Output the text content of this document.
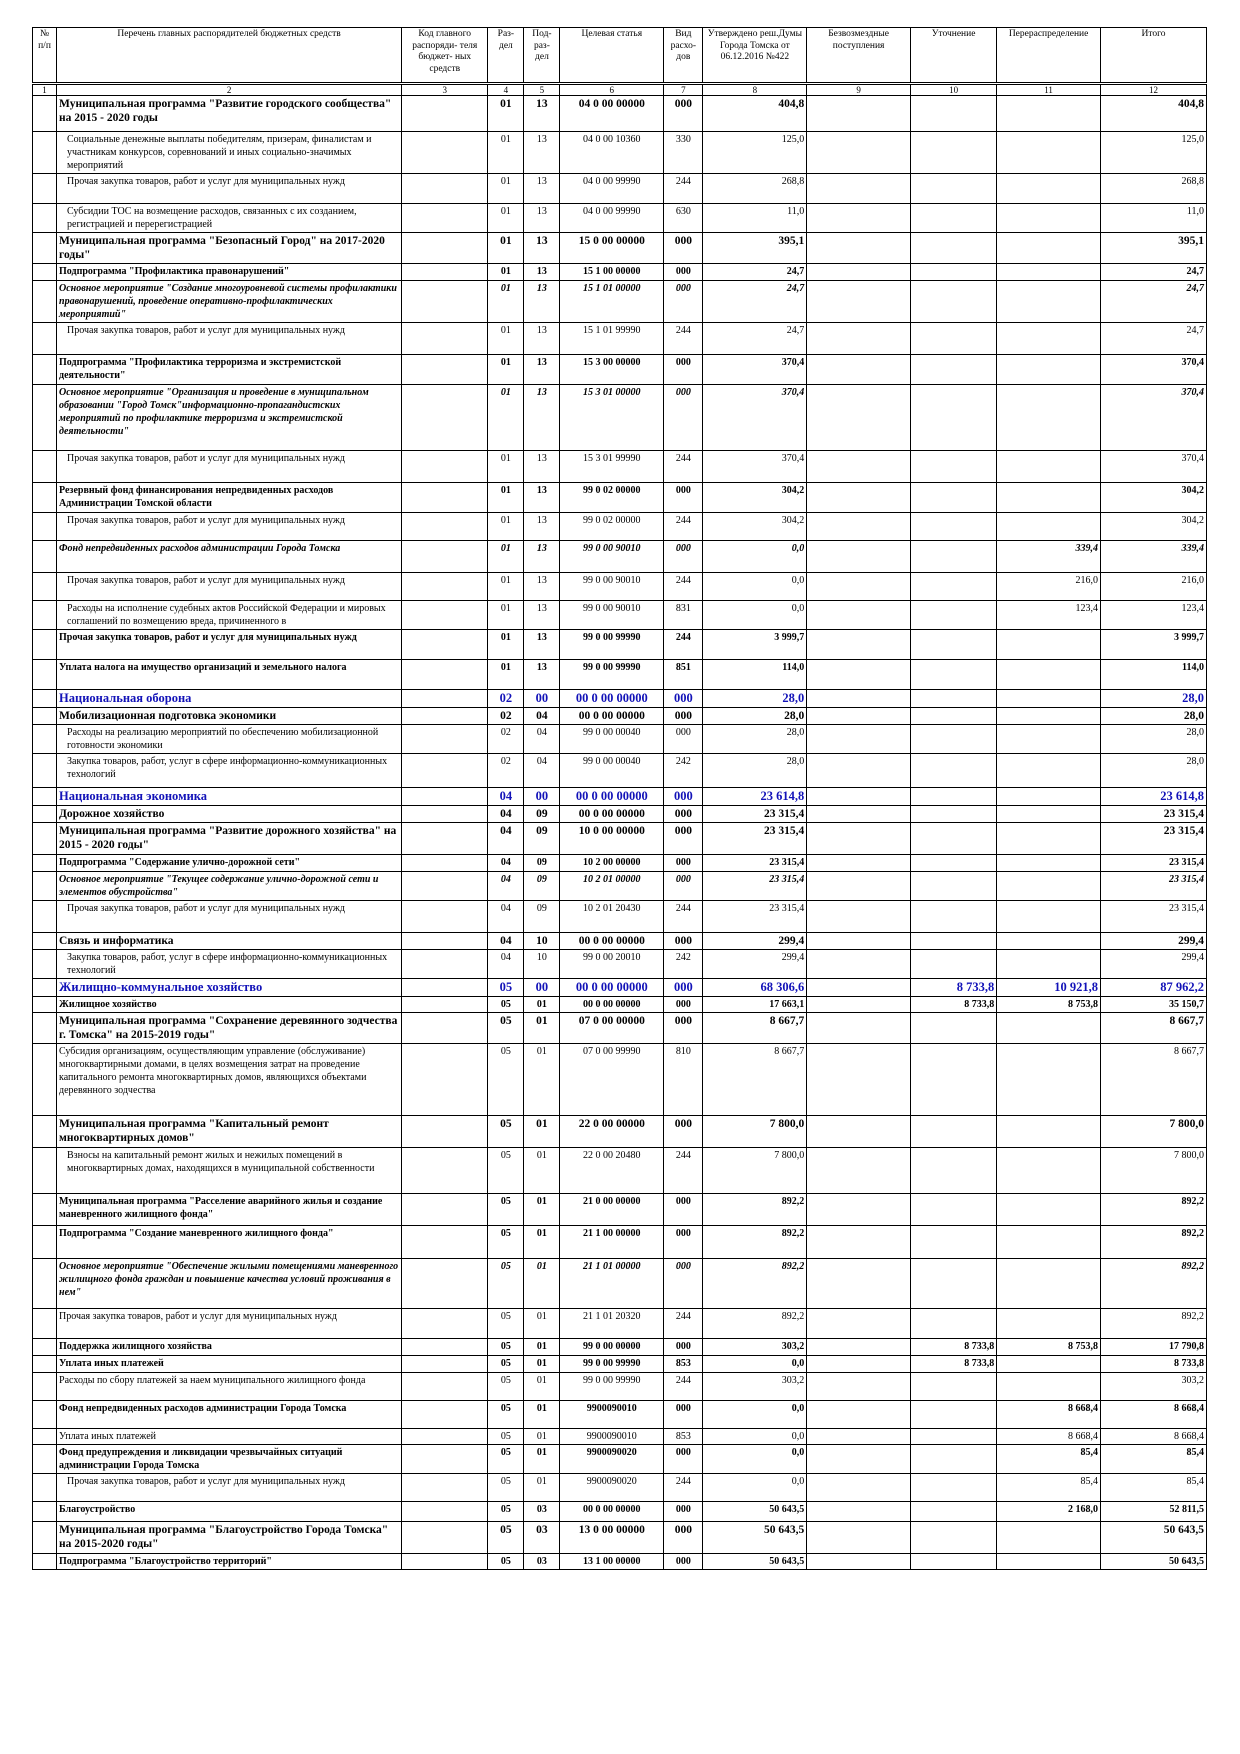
№ п/п	Перечень главных распорядителей бюджетных средств	Код главного распоряди- теля бюджет- ных средств	Раз- дел	Под- раз- дел	Целевая статья	Вид расхо- дов	Утверждено реш.Думы Города Томска от 06.12.2016 №422	Безвозмездные поступления	Уточнение	Перераспределение	Итого
1	2	3	4	5	6	7	8	9	10	11	12
	Муниципальная программа "Развитие городского сообщества" на 2015 - 2020 годы		01	13	04 0 00 00000	000	404,8				404,8
	Социальные денежные выплаты победителям, призерам, финалистам и участникам конкурсов, соревнований и иных социально-значимых мероприятий		01	13	04 0 00 10360	330	125,0				125,0
	Прочая закупка товаров, работ и услуг для муниципальных нужд		01	13	04 0 00 99990	244	268,8				268,8
	Субсидии ТОС на возмещение расходов, связанных с их созданием, регистрацией и перерегистрацией		01	13	04 0 00 99990	630	11,0				11,0
	Муниципальная программа "Безопасный Город" на 2017-2020 годы"		01	13	15 0 00 00000	000	395,1				395,1
	Подпрограмма "Профилактика правонарушений"		01	13	15 1 00 00000	000	24,7				24,7
	Основное мероприятие "Создание многоуровневой системы профилактики правонарушений, проведение оперативно-профилактических мероприятий"		01	13	15 1 01 00000	000	24,7				24,7
	Прочая закупка товаров, работ и услуг для муниципальных нужд		01	13	15 1 01 99990	244	24,7				24,7
	Подпрограмма "Профилактика терроризма и экстремистской деятельности"		01	13	15 3 00 00000	000	370,4				370,4
	Основное мероприятие "Организация и проведение в муниципальном образовании "Город Томск"информационно-пропагандистских мероприятий по профилактике терроризма и экстремистской деятельности"		01	13	15 3 01 00000	000	370,4				370,4
	Прочая закупка товаров, работ и услуг для муниципальных нужд		01	13	15 3 01 99990	244	370,4				370,4
	Резервный фонд финансирования непредвиденных расходов Администрации Томской области		01	13	99 0 02 00000	000	304,2				304,2
	Прочая закупка товаров, работ и услуг для муниципальных нужд		01	13	99 0 02 00000	244	304,2				304,2
	Фонд непредвиденных расходов администрации Города Томска		01	13	99 0 00 90010	000	0,0			339,4	339,4
	Прочая закупка товаров, работ и услуг для муниципальных нужд		01	13	99 0 00 90010	244	0,0			216,0	216,0
	Расходы на исполнение судебных актов Российской Федерации и мировых соглашений по возмещению вреда, причиненного в		01	13	99 0 00 90010	831	0,0			123,4	123,4
	Прочая закупка товаров, работ и услуг для муниципальных нужд		01	13	99 0 00 99990	244	3 999,7				3 999,7
	Уплата налога на имущество организаций и земельного налога		01	13	99 0 00 99990	851	114,0				114,0
	Национальная оборона		02	00	00 0 00 00000	000	28,0				28,0
	Мобилизационная подготовка экономики		02	04	00 0 00 00000	000	28,0				28,0
	Расходы на реализацию мероприятий по обеспечению мобилизационной готовности экономики		02	04	99 0 00 00040	000	28,0				28,0
	Закупка товаров, работ, услуг в сфере информационно-коммуникационных технологий		02	04	99 0 00 00040	242	28,0				28,0
	Национальная экономика		04	00	00 0 00 00000	000	23 614,8				23 614,8
	Дорожное хозяйство		04	09	00 0 00 00000	000	23 315,4				23 315,4
	Муниципальная программа "Развитие дорожного хозяйства" на 2015 - 2020 годы"		04	09	10 0 00 00000	000	23 315,4				23 315,4
	Подпрограмма "Содержание улично-дорожной сети"		04	09	10 2 00 00000	000	23 315,4				23 315,4
	Основное мероприятие "Текущее содержание улично-дорожной сети и элементов обустройства"		04	09	10 2 01 00000	000	23 315,4				23 315,4
	Прочая закупка товаров, работ и услуг для муниципальных нужд		04	09	10 2 01 20430	244	23 315,4				23 315,4
	Связь и информатика		04	10	00 0 00 00000	000	299,4				299,4
	Закупка товаров, работ, услуг в сфере информационно-коммуникационных технологий		04	10	99 0 00 20010	242	299,4				299,4
	Жилищно-коммунальное хозяйство		05	00	00 0 00 00000	000	68 306,6		8 733,8	10 921,8	87 962,2
	Жилищное хозяйство		05	01	00 0 00 00000	000	17 663,1		8 733,8	8 753,8	35 150,7
	Муниципальная программа "Сохранение деревянного зодчества г. Томска" на 2015-2019 годы"		05	01	07 0 00 00000	000	8 667,7				8 667,7
	Субсидия организациям, осуществляющим управление (обслуживание) многоквартирными домами, в целях возмещения затрат на проведение капитального ремонта многоквартирных домов, являющихся объектами деревянного зодчества		05	01	07 0 00 99990	810	8 667,7				8 667,7
	Муниципальная программа "Капитальный ремонт многоквартирных домов"		05	01	22 0 00 00000	000	7 800,0				7 800,0
	Взносы на капитальный ремонт жилых и нежилых помещений в многоквартирных домах, находящихся в муниципальной собственности		05	01	22 0 00 20480	244	7 800,0				7 800,0
	Муниципальная программа "Расселение аварийного жилья и создание маневренного жилищного фонда"		05	01	21 0 00 00000	000	892,2				892,2
	Подпрограмма "Создание маневренного жилищного фонда"		05	01	21 1 00 00000	000	892,2				892,2
	Основное мероприятие "Обеспечение жилыми помещениями маневренного жилищного фонда граждан и повышение качества условий проживания в нем"		05	01	21 1 01 00000	000	892,2				892,2
	Прочая закупка товаров, работ и услуг для муниципальных нужд		05	01	21 1 01 20320	244	892,2				892,2
	Поддержка жилищного хозяйства		05	01	99 0 00 00000	000	303,2		8 733,8	8 753,8	17 790,8
	Уплата иных платежей		05	01	99 0 00 99990	853	0,0		8 733,8		8 733,8
	Расходы по сбору платежей за наем муниципального жилищного фонда		05	01	99 0 00 99990	244	303,2				303,2
	Фонд непредвиденных расходов администрации Города Томска		05	01	9900090010	000	0,0			8 668,4	8 668,4
	Уплата иных платежей		05	01	9900090010	853	0,0			8 668,4	8 668,4
	Фонд предупреждения и ликвидации чрезвычайных ситуаций администрации Города Томска		05	01	9900090020	000	0,0			85,4	85,4
	Прочая закупка товаров, работ и услуг для муниципальных нужд		05	01	9900090020	244	0,0			85,4	85,4
	Благоустройство		05	03	00 0 00 00000	000	50 643,5			2 168,0	52 811,5
	Муниципальная программа "Благоустройство Города Томска" на 2015-2020 годы"		05	03	13 0 00 00000	000	50 643,5				50 643,5
	Подпрограмма "Благоустройство территорий"		05	03	13 1 00 00000	000	50 643,5				50 643,5
